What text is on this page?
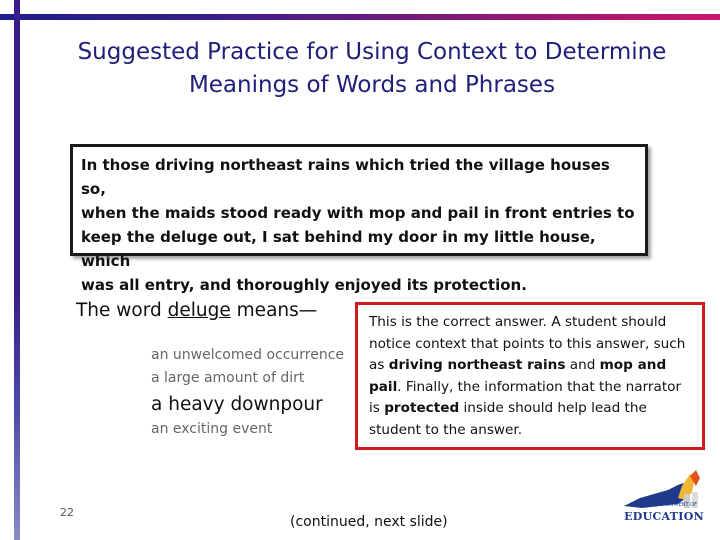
Suggested Practice for Using Context to Determine
Meanings of Words and Phrases
In those driving northeast rains which tried the village houses so,
when the maids stood ready with mop and pail in front entries to
keep the deluge out, I sat behind my door in my little house, which
was all entry, and thoroughly enjoyed its protection.
The word deluge means—
an unwelcomed occurrence
a large amount of dirt
a heavy downpour
an exciting event
This is the correct answer. A student should notice context that points to this answer, such as driving northeast rains and mop and pail. Finally, the information that the narrator is protected inside should help lead the student to the answer.
22
(continued, next slide)
VIRGINIA DEPARTMENT OF
EDUCATION
